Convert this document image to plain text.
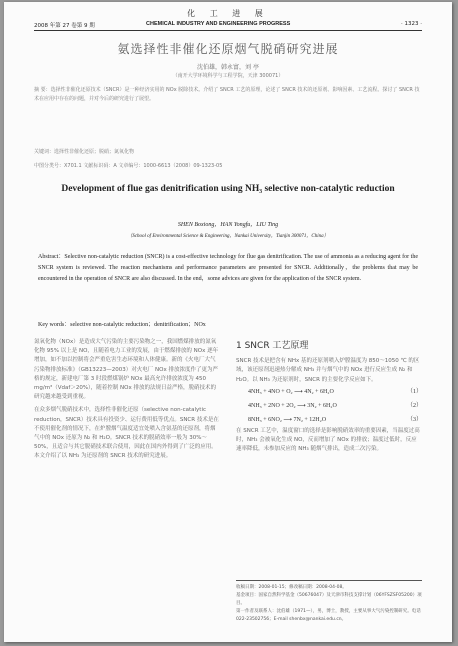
化 工 进 展
2008 年第 27 卷第 9 期	CHEMICAL INDUSTRY AND ENGINEERING PROGRESS	· 1323 ·
氨选择性非催化还原烟气脱硝研究进展
沈伯雄，韩永富，刘 亭
（南开大学环境科学与工程学院，天津 300071）
摘 要：选择性非催化还原技术（SNCR）是一种经济实用的 NOx 脱除技术。介绍了 SNCR 工艺的原理，论述了 SNCR 技术的还原剂、影响因素、工艺流程。探讨了 SNCR 技术在应用中存在的问题，并对今后的研究进行了展望。
关键词：选择性非催化还原；脱硝；氮氧化物
中图分类号：X701.1 文献标识码：A 文章编号：1000-6613（2008）09-1323-05
Development of flue gas denitrification using NH₃ selective non-catalytic reduction
SHEN Boxiong，HAN Yongfu，LIU Ting
（School of Environmental Science & Engineering，Nankai University，Tianjin 300071，China）
Abstract：Selective non-catalytic reduction (SNCR) is a cost-effective technology for flue gas denitrification. The use of ammonia as a reducing agent for the SNCR system is reviewed. The reaction mechanisms and performance parameters are presented for SNCR. Additionally，the problems that may be encountered in the operation of SNCR are also discussed. In the end，some advices are given for the application of the SNCR system.
Key words：selective non-catalytic reduction；denitrification；NOx

氮氧化物（NOx）是造成大气污染的主要污染物之一，我国燃煤排放的氮氧化物 95% 以上是 NO，且随着电力工业的发展，由于燃煤排放的 NOx 逐年增加，如不加以控制将会严重危害生态环境和人体健康。新的《火电厂大气污染物排放标准》（GB13223—2003）对火电厂 NOx 排放浓度作了更为严格的规定，新建电厂第 3 时段燃煤锅炉 NOx 最高允许排放浓度为 450 mg/m³（Vdaf＞20%），随着控制 NOx 排放的法规日益严格，脱硝技术的研究越来越受到重视。

在众多烟气脱硝技术中，选择性非催化还原（selective non-catalytic reduction，SNCR）技术具有投资少、运行费用低等优点。SNCR 技术是在不使用催化剂的情况下，在炉膛烟气温度适宜处喷入含氨基的还原剂，将烟气中的 NOx 还原为 N₂ 和 H₂O。SNCR 技术的脱硝效率一般为 30%～50%，且适合与其它脱硝技术联合使用，因此在国内外得到了广泛的应用。本文介绍了以 NH₃ 为还原剂的 SNCR 技术的研究进展。

1 SNCR 工艺原理

SNCR 技术是把含有 NHx 基的还原剂喷入炉膛温度为 850～1050 ℃ 的区域，该还原剂迅速热分解成 NH₃ 并与烟气中的 NOx 进行反应生成 N₂ 和 H₂O。以 NH₃ 为还原剂时，SNCR 的主要化学反应如下。

4NH₃ + 4NO + O₂ ⟶ 4N₂ + 6H₂O	（1）
4NH₃ + 2NO + 2O₂ ⟶ 3N₂ + 6H₂O	（2）
8NH₃ + 6NO₂ ⟶ 7N₂ + 12H₂O	（3）

在 SNCR 工艺中，温度窗口的选择是影响脱硝效率的重要因素，当温度过高时，NH₃ 会被氧化生成 NO，反而增加了 NOx 的排放；温度过低时，反应速率降低，未参加反应的 NH₃ 随烟气排出，造成二次污染。

收稿日期：2008-01-15；修改稿日期：2008-04-08。
基金项目：国家自然科学基金（50676047）及天津市科技支撑计划（06YFSZSF05200）项目。
第一作者及联系人：沈伯雄（1971—），男，博士，教授，主要从事大气污染控制研究。电话 022-23502756；E-mail shenbx@nankai.edu.cn。
